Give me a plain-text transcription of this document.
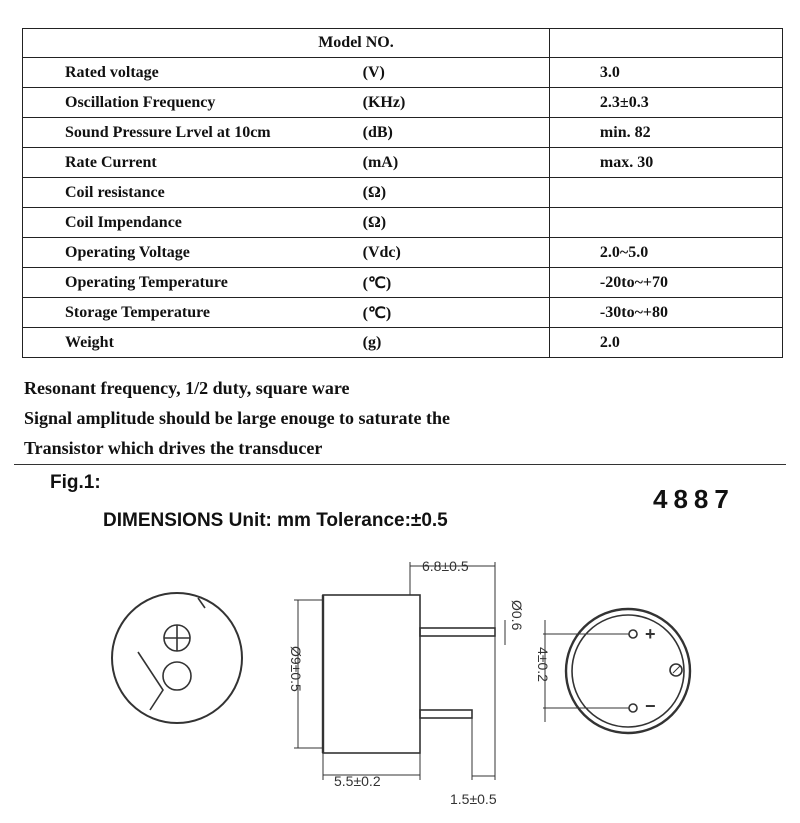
Model NO.		
Rated voltage	(V)	3.0
Oscillation Frequency	(KHz)	2.3±0.3
Sound Pressure Lrvel at 10cm	(dB)	min. 82
Rate Current	(mA)	max. 30
Coil resistance	(Ω)	
Coil Impendance	(Ω)	
Operating Voltage	(Vdc)	2.0~5.0
Operating Temperature	(℃)	-20to~+70
Storage Temperature	(℃)	-30to~+80
Weight	(g)	2.0
Resonant frequency, 1/2 duty, square ware
Signal amplitude should be large enouge to saturate the
Transistor which drives the transducer
Fig.1:
4887
DIMENSIONS Unit: mm Tolerance:±0.5
6.8±0.5
Ø0.6
Ø9±0.5
5.5±0.2
1.5±0.5
4±0.2
+
−
